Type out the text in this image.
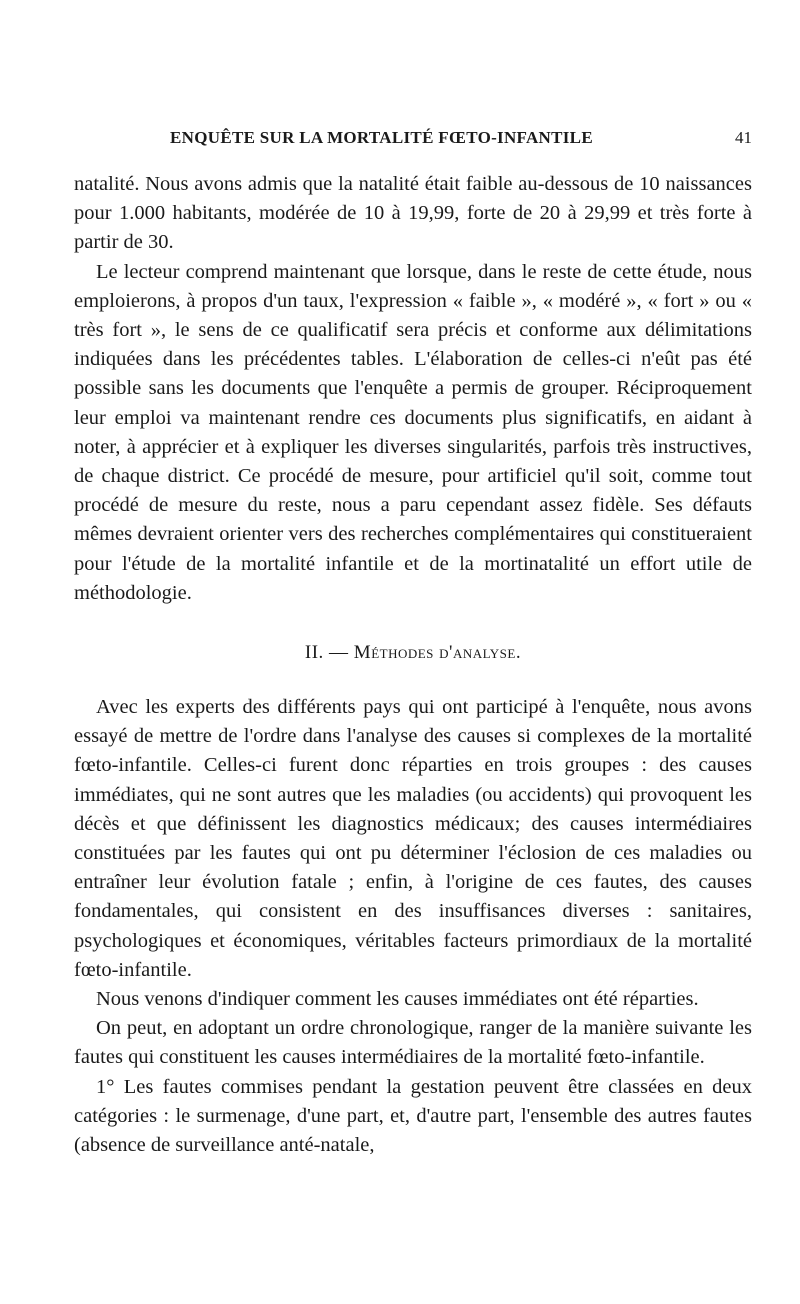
ENQUÊTE SUR LA MORTALITÉ FŒTO-INFANTILE	41

natalité. Nous avons admis que la natalité était faible au-dessous de 10 naissances pour 1.000 habitants, modérée de 10 à 19,99, forte de 20 à 29,99 et très forte à partir de 30.

Le lecteur comprend maintenant que lorsque, dans le reste de cette étude, nous emploierons, à propos d'un taux, l'expression « faible », « modéré », « fort » ou « très fort », le sens de ce qualificatif sera précis et conforme aux délimitations indiquées dans les précédentes tables. L'élaboration de celles-ci n'eût pas été possible sans les documents que l'enquête a permis de grouper. Réciproquement leur emploi va maintenant rendre ces documents plus significatifs, en aidant à noter, à apprécier et à expliquer les diverses singularités, parfois très instructives, de chaque district. Ce procédé de mesure, pour artificiel qu'il soit, comme tout procédé de mesure du reste, nous a paru cependant assez fidèle. Ses défauts mêmes devraient orienter vers des recherches complémentaires qui constitueraient pour l'étude de la mortalité infantile et de la mortinatalité un effort utile de méthodologie.

II. — Méthodes d'analyse.

Avec les experts des différents pays qui ont participé à l'enquête, nous avons essayé de mettre de l'ordre dans l'analyse des causes si complexes de la mortalité fœto-infantile. Celles-ci furent donc réparties en trois groupes : des causes immédiates, qui ne sont autres que les maladies (ou accidents) qui provoquent les décès et que définissent les diagnostics médicaux; des causes intermédiaires constituées par les fautes qui ont pu déterminer l'éclosion de ces maladies ou entraîner leur évolution fatale ; enfin, à l'origine de ces fautes, des causes fondamentales, qui consistent en des insuffisances diverses : sanitaires, psychologiques et économiques, véritables facteurs primordiaux de la mortalité fœto-infantile.

Nous venons d'indiquer comment les causes immédiates ont été réparties.

On peut, en adoptant un ordre chronologique, ranger de la manière suivante les fautes qui constituent les causes intermédiaires de la mortalité fœto-infantile.

1° Les fautes commises pendant la gestation peuvent être classées en deux catégories : le surmenage, d'une part, et, d'autre part, l'ensemble des autres fautes (absence de surveillance anté-natale,
